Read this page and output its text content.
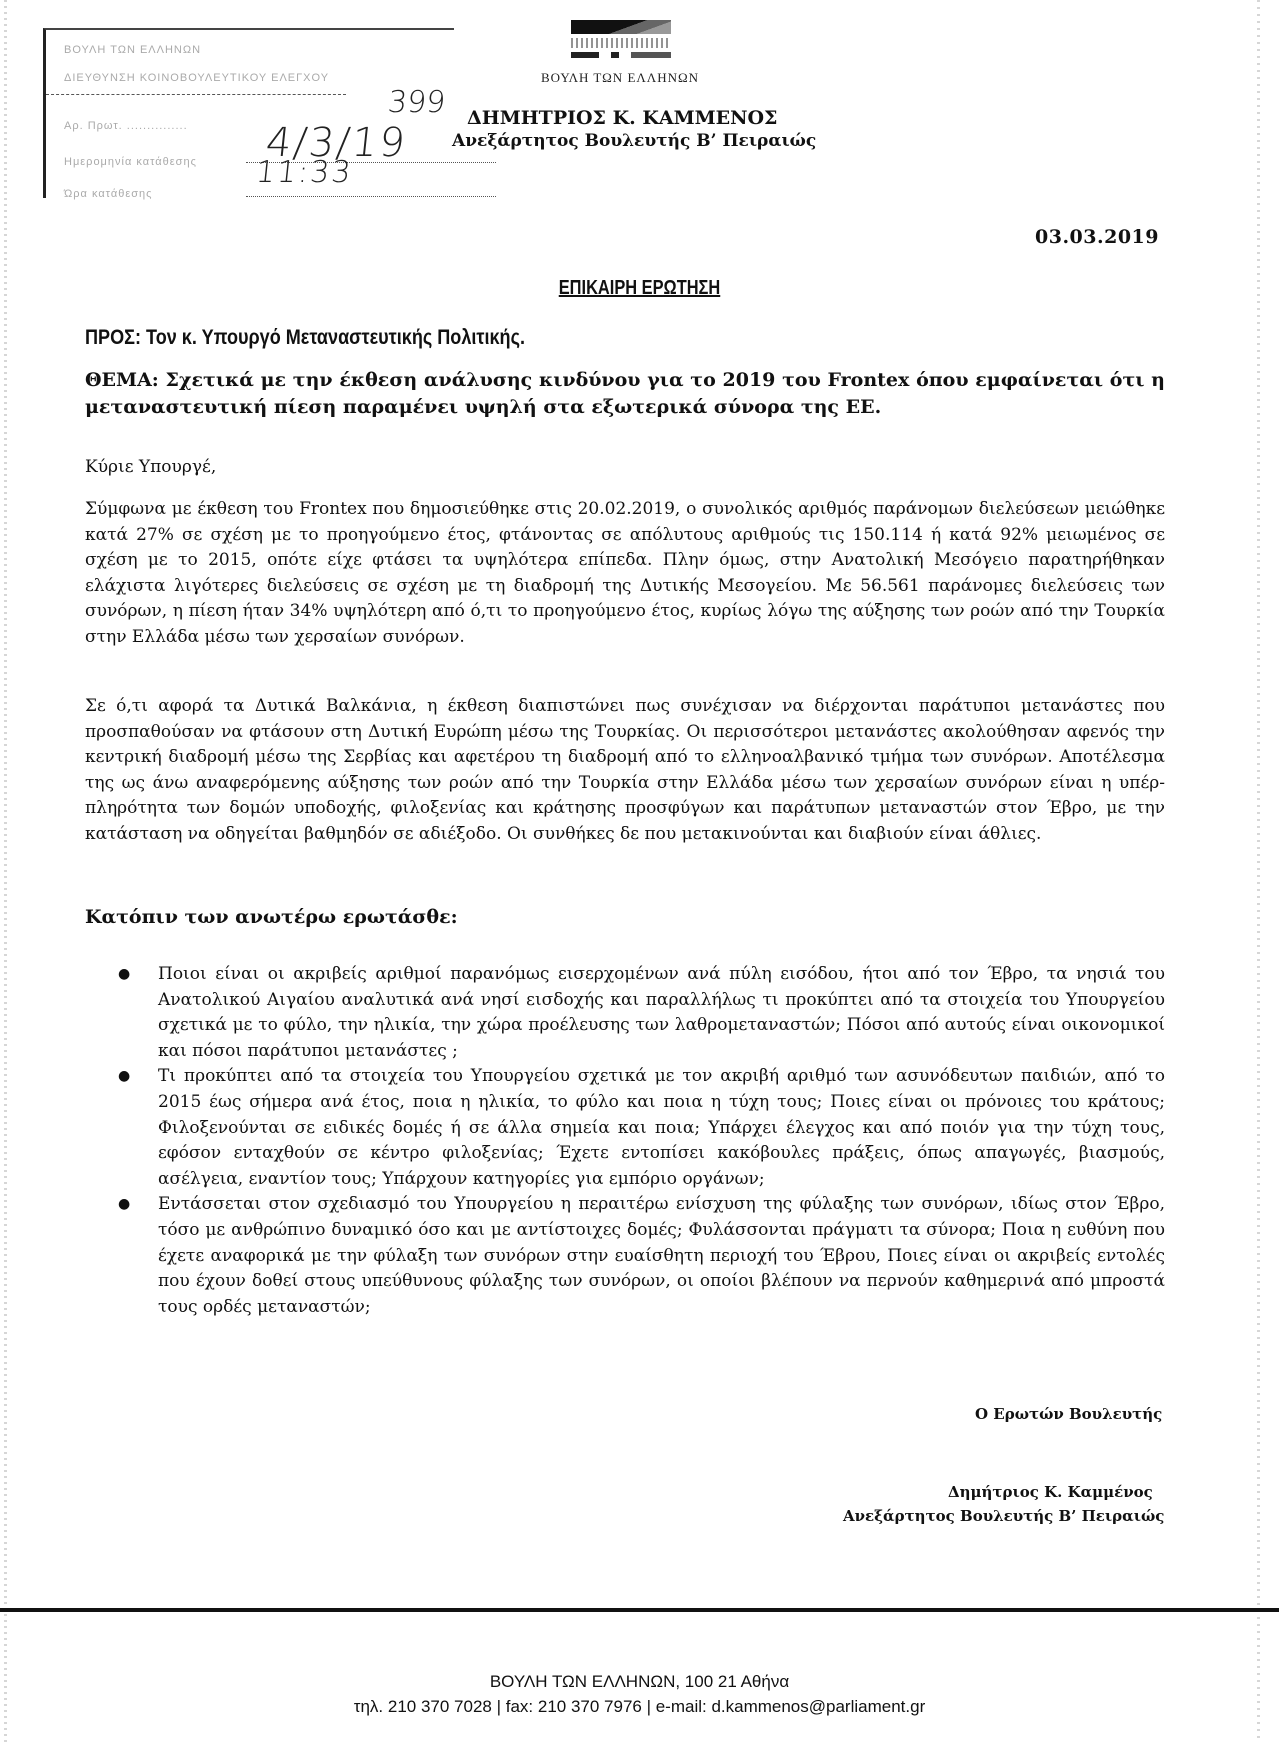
ΒΟΥΛΗ ΤΩΝ ΕΛΛΗΝΩΝ
ΔΙΕΥΘΥΝΣΗ ΚΟΙΝΟΒΟΥΛΕΥΤΙΚΟΥ ΕΛΕΓΧΟΥ
Αρ. Πρωτ. ...............
Ημερομηνία κατάθεσης
Ώρα κατάθεσης
399
4/3/19
11:33
ΒΟΥΛΗ ΤΩΝ ΕΛΛΗΝΩΝ
ΔΗΜΗΤΡΙΟΣ Κ. ΚΑΜΜΕΝΟΣ
Ανεξάρτητος Βουλευτής Β’ Πειραιώς
03.03.2019
ΕΠΙΚΑΙΡΗ ΕΡΩΤΗΣΗ
ΠΡΟΣ: Τον κ. Υπουργό Μεταναστευτικής Πολιτικής.
ΘΕΜΑ: Σχετικά με την έκθεση ανάλυσης κινδύνου για το 2019 του Frontex όπου εμφαίνεται ότι η μεταναστευτική πίεση παραμένει υψηλή στα εξωτερικά σύνορα της ΕΕ.
Κύριε Υπουργέ,
Σύμφωνα με έκθεση του Frontex που δημοσιεύθηκε στις 20.02.2019, ο συνολικός αριθμός παράνομων διελεύσεων μειώθηκε κατά 27% σε σχέση με το προηγούμενο έτος, φτάνοντας σε απόλυτους αριθμούς τις 150.114 ή κατά 92% μειωμένος σε σχέση με το 2015, οπότε είχε φτάσει τα υψηλότερα επίπεδα. Πλην όμως, στην Ανατολική Μεσόγειο παρατηρήθηκαν ελάχιστα λιγότερες διελεύσεις σε σχέση με τη διαδρομή της Δυτικής Μεσογείου. Με 56.561 παράνομες διελεύσεις των συνόρων, η πίεση ήταν 34% υψηλότερη από ό,τι το προηγούμενο έτος, κυρίως λόγω της αύξησης των ροών από την Τουρκία στην Ελλάδα μέσω των χερσαίων συνόρων.
Σε ό,τι αφορά τα Δυτικά Βαλκάνια, η έκθεση διαπιστώνει πως συνέχισαν να διέρχονται παράτυποι μετανάστες που προσπαθούσαν να φτάσουν στη Δυτική Ευρώπη μέσω της Τουρκίας. Οι περισσότεροι μετανάστες ακολούθησαν αφενός την κεντρική διαδρομή μέσω της Σερβίας και αφετέρου τη διαδρομή από το ελληνοαλβανικό τμήμα των συνόρων. Αποτέλεσμα της ως άνω αναφερόμενης αύξησης των ροών από την Τουρκία στην Ελλάδα μέσω των χερσαίων συνόρων είναι η υπέρ-πληρότητα των δομών υποδοχής, φιλοξενίας και κράτησης προσφύγων και παράτυπων μεταναστών στον Έβρο, με την κατάσταση να οδηγείται βαθμηδόν σε αδιέξοδο. Οι συνθήκες δε που μετακινούνται και διαβιούν είναι άθλιες.
Κατόπιν των ανωτέρω ερωτάσθε:
● Ποιοι είναι οι ακριβείς αριθμοί παρανόμως εισερχομένων ανά πύλη εισόδου, ήτοι από τον Έβρο, τα νησιά του Ανατολικού Αιγαίου αναλυτικά ανά νησί εισδοχής και παραλλήλως τι προκύπτει από τα στοιχεία του Υπουργείου σχετικά με το φύλο, την ηλικία, την χώρα προέλευσης των λαθρομεταναστών; Πόσοι από αυτούς είναι οικονομικοί και πόσοι παράτυποι μετανάστες ;
● Τι προκύπτει από τα στοιχεία του Υπουργείου σχετικά με τον ακριβή αριθμό των ασυνόδευτων παιδιών, από το 2015 έως σήμερα ανά έτος, ποια η ηλικία, το φύλο και ποια η τύχη τους; Ποιες είναι οι πρόνοιες του κράτους; Φιλοξενούνται σε ειδικές δομές ή σε άλλα σημεία και ποια; Υπάρχει έλεγχος και από ποιόν για την τύχη τους, εφόσον ενταχθούν σε κέντρο φιλοξενίας; Έχετε εντοπίσει κακόβουλες πράξεις, όπως απαγωγές, βιασμούς, ασέλγεια, εναντίον τους; Υπάρχουν κατηγορίες για εμπόριο οργάνων;
● Εντάσσεται στον σχεδιασμό του Υπουργείου η περαιτέρω ενίσχυση της φύλαξης των συνόρων, ιδίως στον Έβρο, τόσο με ανθρώπινο δυναμικό όσο και με αντίστοιχες δομές; Φυλάσσονται πράγματι τα σύνορα; Ποια η ευθύνη που έχετε αναφορικά με την φύλαξη των συνόρων στην ευαίσθητη περιοχή του Έβρου, Ποιες είναι οι ακριβείς εντολές που έχουν δοθεί στους υπεύθυνους φύλαξης των συνόρων, οι οποίοι βλέπουν να περνούν καθημερινά από μπροστά τους ορδές μεταναστών;
Ο Ερωτών Βουλευτής
Δημήτριος Κ. Καμμένος
Ανεξάρτητος Βουλευτής Β’ Πειραιώς
ΒΟΥΛΗ ΤΩΝ ΕΛΛΗΝΩΝ, 100 21 Αθήνα
τηλ. 210 370 7028 | fax: 210 370 7976 | e-mail: d.kammenos@parliament.gr
